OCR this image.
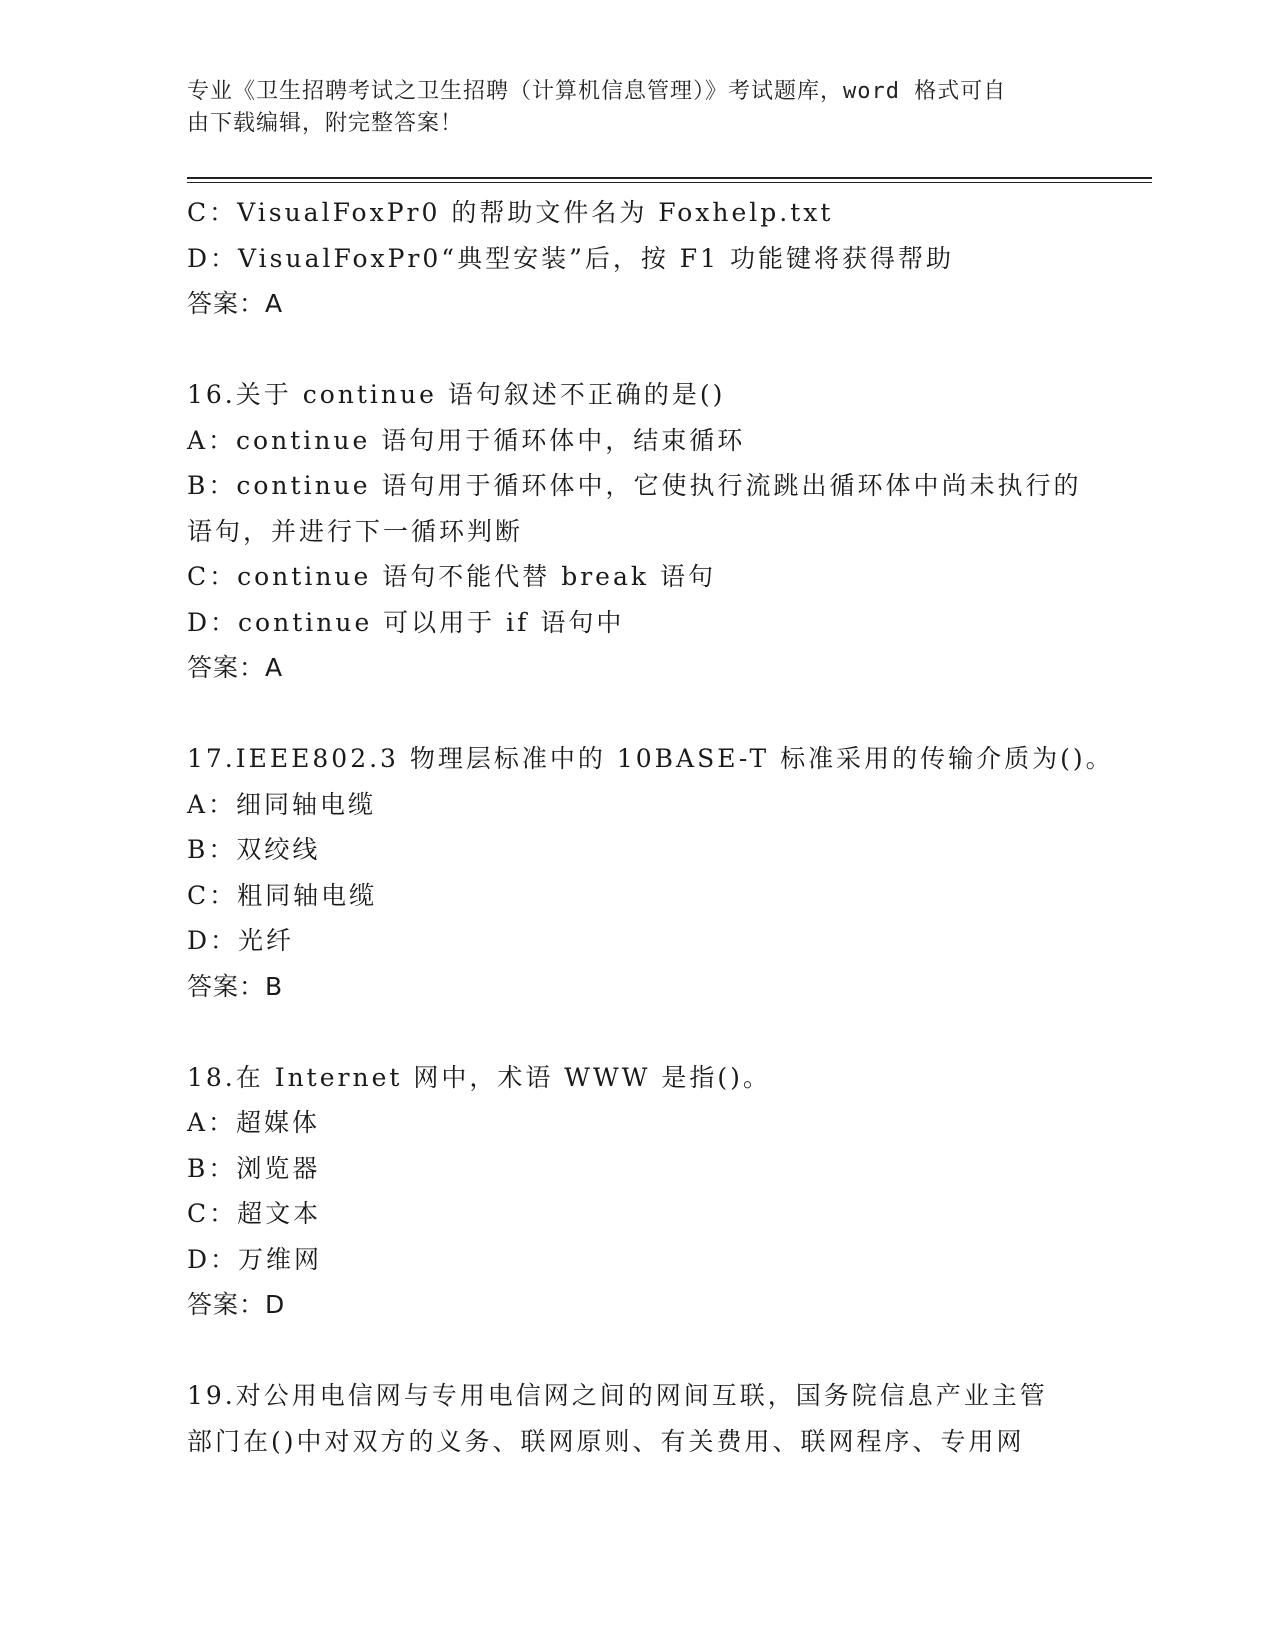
专业《卫生招聘考试之卫生招聘（计算机信息管理）》考试题库，word 格式可自
由下载编辑，附完整答案！
C：VisualFoxPr0 的帮助文件名为 Foxhelp.txt
D：VisualFoxPr0“典型安装”后，按 F1 功能键将获得帮助
答案：A
16.关于 continue 语句叙述不正确的是()
A：continue 语句用于循环体中，结束循环
B：continue 语句用于循环体中，它使执行流跳出循环体中尚未执行的
语句，并进行下一循环判断
C：continue 语句不能代替 break 语句
D：continue 可以用于 if 语句中
答案：A
17.IEEE802.3 物理层标准中的 10BASE-T 标准采用的传输介质为()。
A：细同轴电缆
B：双绞线
C：粗同轴电缆
D：光纤
答案：B
18.在 Internet 网中，术语 WWW 是指()。
A：超媒体
B：浏览器
C：超文本
D：万维网
答案：D
19.对公用电信网与专用电信网之间的网间互联，国务院信息产业主管
部门在()中对双方的义务、联网原则、有关费用、联网程序、专用网
